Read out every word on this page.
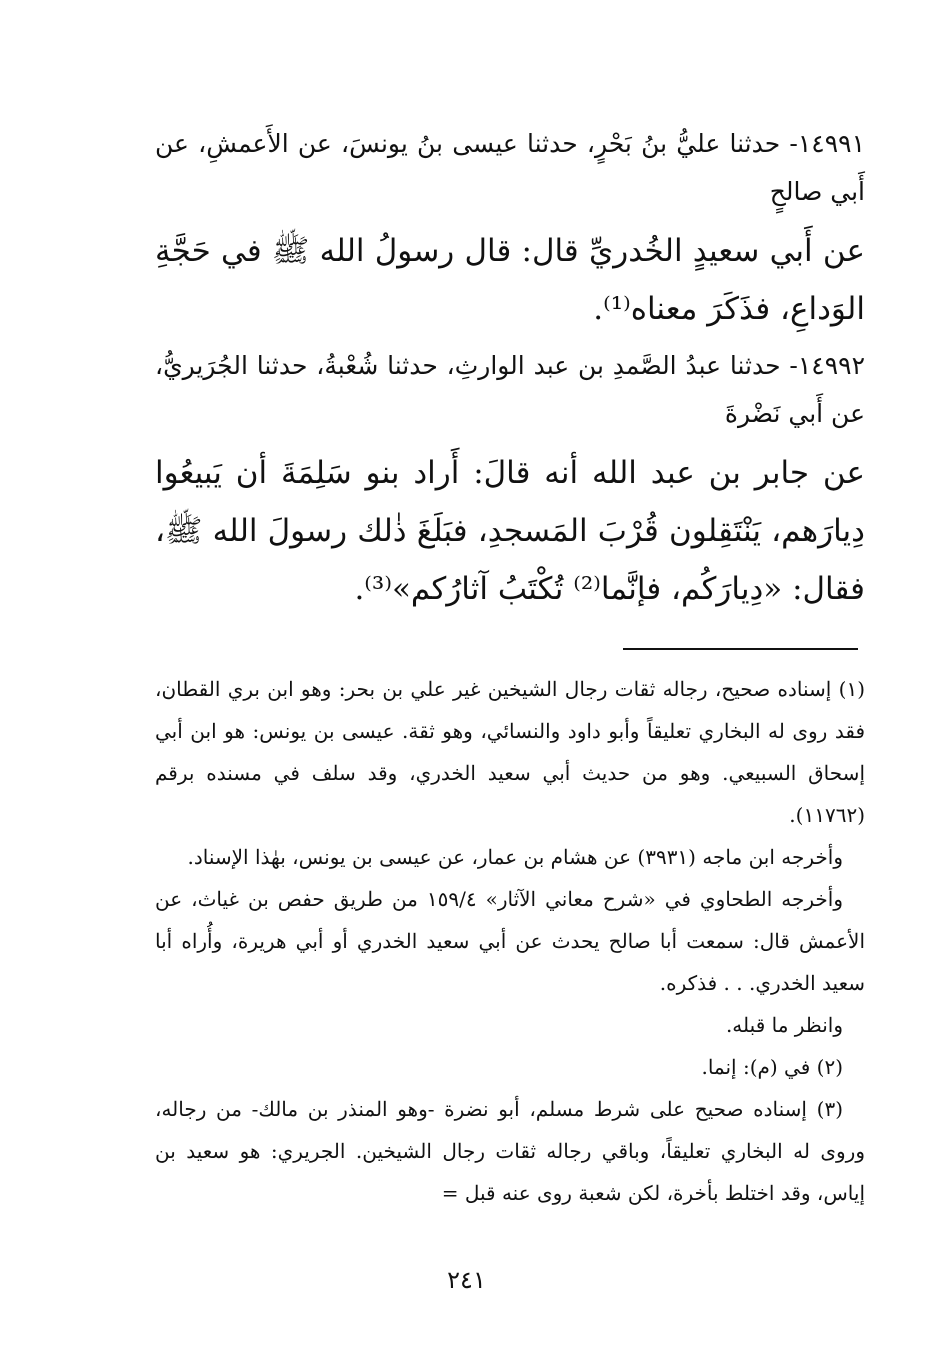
١٤٩٩١- حدثنا عليُّ بنُ بَحْرٍ، حدثنا عيسى بنُ يونسَ، عن الأَعمشِ، عن أَبي صالحٍ
عن أَبي سعيدٍ الخُدريِّ قال: قال رسولُ الله ﷺ في حَجَّةِ الوَداعِ، فذَكَرَ معناه⁽¹⁾.
١٤٩٩٢- حدثنا عبدُ الصَّمدِ بن عبد الوارثِ، حدثنا شُعْبةُ، حدثنا الجُرَيريُّ، عن أَبي نَضْرةَ
عن جابر بن عبد الله أنه قالَ: أَراد بنو سَلِمَةَ أن يَبيعُوا دِيارَهم، يَنْتَقِلون قُرْبَ المَسجدِ، فبَلَغَ ذٰلك رسولَ الله ﷺ، فقال: «دِيارَكُم، فإنَّما⁽²⁾ تُكْتَبُ آثارُكم»⁽³⁾.

(١) إسناده صحيح، رجاله ثقات رجال الشيخين غير علي بن بحر: وهو ابن بري القطان، فقد روى له البخاري تعليقاً وأبو داود والنسائي، وهو ثقة. عيسى بن يونس: هو ابن أبي إسحاق السبيعي. وهو من حديث أبي سعيد الخدري، وقد سلف في مسنده برقم (١١٧٦٢).

وأخرجه ابن ماجه (٣٩٣١) عن هشام بن عمار، عن عيسى بن يونس، بهٰذا الإسناد.

وأخرجه الطحاوي في «شرح معاني الآثار» ١٥٩/٤ من طريق حفص بن غياث، عن الأعمش قال: سمعت أبا صالح يحدث عن أبي سعيد الخدري أو أبي هريرة، وأُراه أبا سعيد الخدري. . . فذكره.

وانظر ما قبله.

(٢) في (م): إنما.

(٣) إسناده صحيح على شرط مسلم، أبو نضرة -وهو المنذر بن مالك- من رجاله، وروى له البخاري تعليقاً، وباقي رجاله ثقات رجال الشيخين. الجريري: هو سعيد بن إياس، وقد اختلط بأخرة، لكن شعبة روى عنه قبل =

٢٤١
